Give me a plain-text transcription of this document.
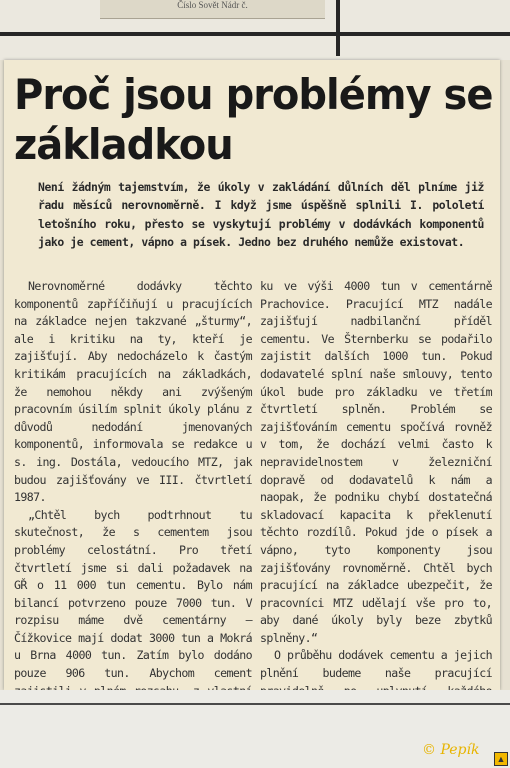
Číslo Sovět Nádr č.
Proč jsou problémy se základkou

Není žádným tajemstvím, že úkoly v zakládání důlních děl plníme již řadu měsíců nerovnoměrně. I když jsme úspěšně splnili I. pololetí letošního roku, přesto se vyskytují problémy v dodávkách komponentů jako je cement, vápno a písek. Jedno bez druhého nemůže existovat.

Nerovnoměrné dodávky těchto komponentů zapříčiňují u pracujících na základce nejen takzvané „šturmy“, ale i kritiku na ty, kteří je zajišťují. Aby nedocházelo k častým kritikám pracujících na základkách, že nemohou někdy ani zvýšeným pracovním úsilím splnit úkoly plánu z důvodů nedodání jmenovaných komponentů, informovala se redakce u s. ing. Dostála, vedoucího MTZ, jak budou zajišťovány ve III. čtvrtletí 1987.

„Chtěl bych podtrhnout tu skutečnost, že s cementem jsou problémy celostátní. Pro třetí čtvrtletí jsme si dali požadavek na GŘ o 11 000 tun cementu. Bylo nám bilancí potvrzeno pouze 7000 tun. V rozpisu máme dvě cementárny — Čížkovice mají dodat 3000 tun a Mokrá u Brna 4000 tun. Zatím bylo dodáno pouze 906 tun. Abychom cement

ku ve výši 4000 tun v cementárně Prachovice. Pracující MTZ nadále zajišťují nadbilanční příděl cementu. Ve Šternberku se podařilo zajistit dalších 1000 tun. Pokud dodavatelé splní naše smlouvy, tento úkol bude pro základku ve třetím čtvrtletí splněn. Problém se zajišťováním cementu spočívá rovněž v tom, že dochází velmi často k nepravidelnostem v železniční dopravě od dodavatelů k nám a naopak, že podniku chybí dostatečná skladovací kapacita k překlenutí těchto rozdílů. Pokud jde o písek a vápno, tyto komponenty jsou zajišťovány rovnoměrně. Chtěl bych pracující na základce ubezpečit, že pracovníci MTZ udělají vše pro to, aby dané úkoly byly beze zbytků splněny.“

O průběhu dodávek cementu a jejich plnění budeme naše pracující

© Pepík
▲
